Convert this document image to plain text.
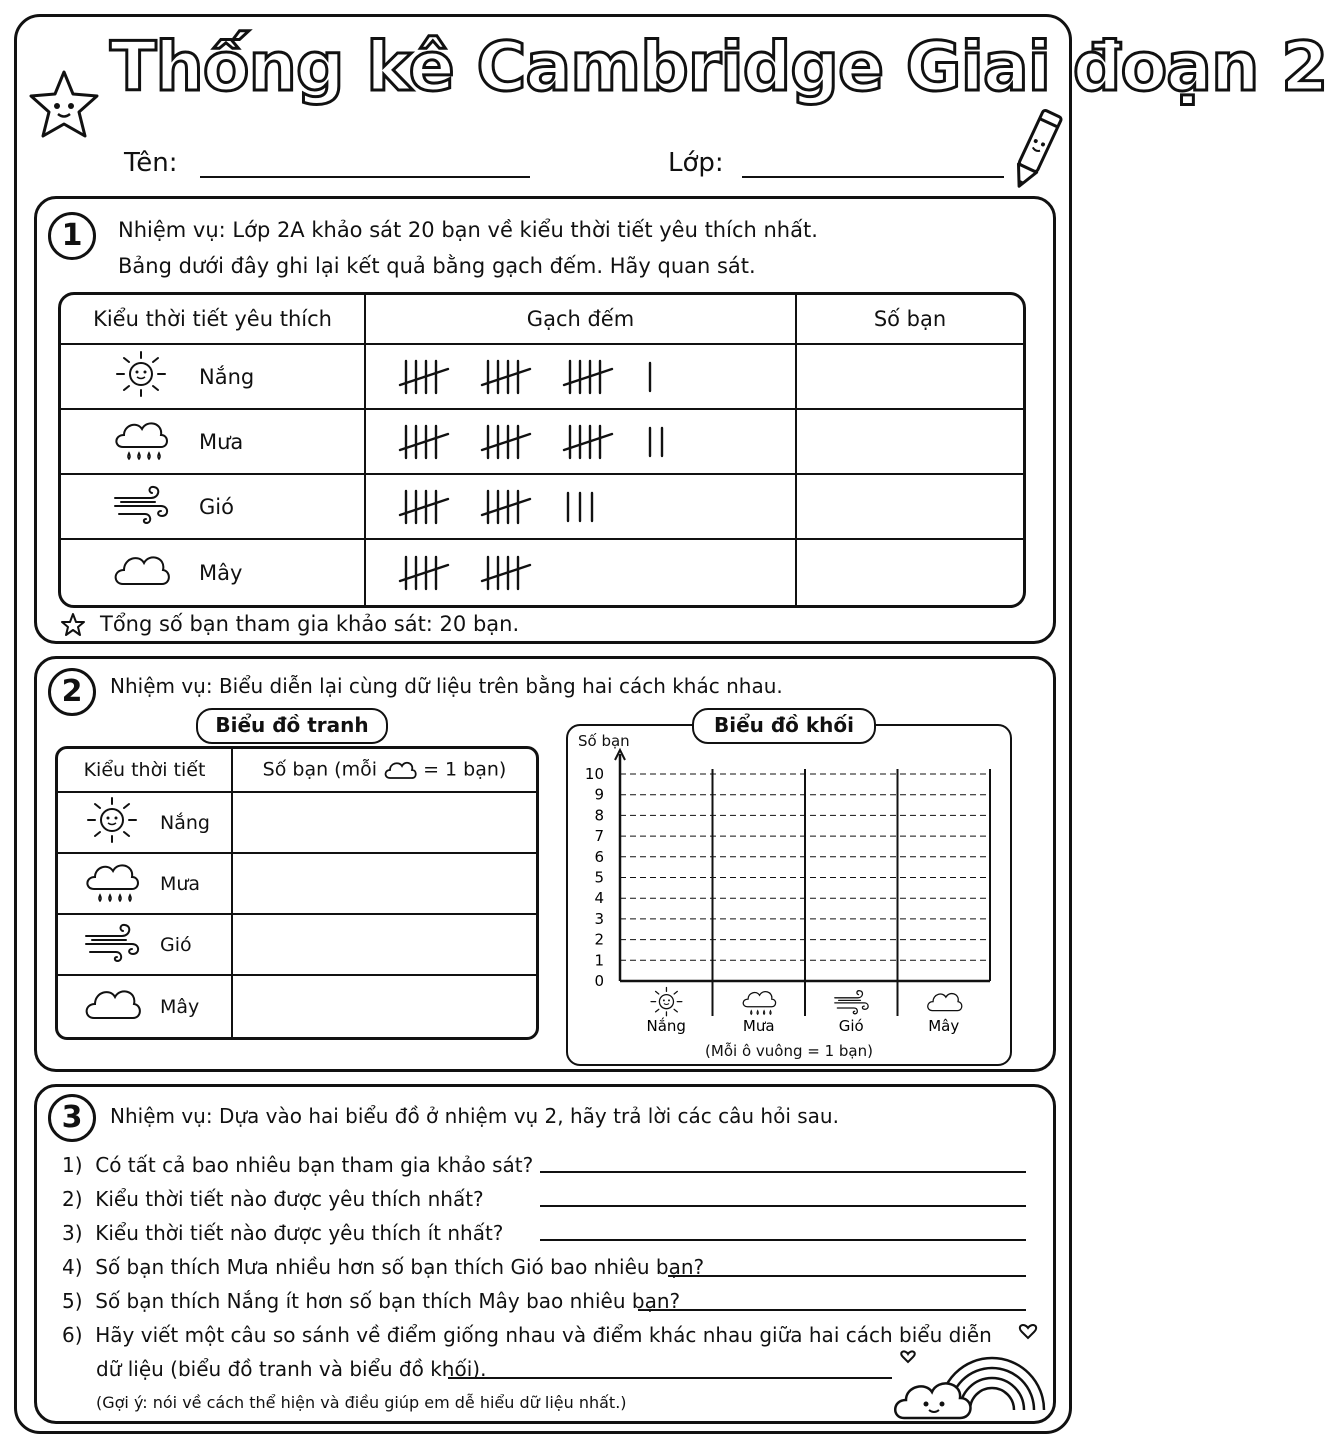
Thống kê Cambridge Giai đoạn 2
Tên:	Lớp:
1	Nhiệm vụ: Lớp 2A khảo sát 20 bạn về kiểu thời tiết yêu thích nhất.
Bảng dưới đây ghi lại kết quả bằng gạch đếm. Hãy quan sát.
Kiểu thời tiết yêu thích	Gạch đếm	Số bạn

Nắng

Mưa

Gió

Mây

Tổng số bạn tham gia khảo sát: 20 bạn.
2	Nhiệm vụ: Biểu diễn lại cùng dữ liệu trên bằng hai cách khác nhau.
Biểu đồ tranh
Kiểu thời tiết	Số bạn (mỗi = 1 bạn)

Nắng	

Mưa	

Gió	

Mây	

Biểu đồ khối
Số bạn
10
9
8
7
6
5
4
3
2
1
0
Nắng	Mưa	Gió	Mây
(Mỗi ô vuông = 1 bạn)
3	Nhiệm vụ: Dựa vào hai biểu đồ ở nhiệm vụ 2, hãy trả lời các câu hỏi sau.
1) Có tất cả bao nhiêu bạn tham gia khảo sát?
2) Kiểu thời tiết nào được yêu thích nhất?
3) Kiểu thời tiết nào được yêu thích ít nhất?
4) Số bạn thích Mưa nhiều hơn số bạn thích Gió bao nhiêu bạn?
5) Số bạn thích Nắng ít hơn số bạn thích Mây bao nhiêu bạn?
6) Hãy viết một câu so sánh về điểm giống nhau và điểm khác nhau giữa hai cách biểu diễn
dữ liệu (biểu đồ tranh và biểu đồ khối).
(Gợi ý: nói về cách thể hiện và điều giúp em dễ hiểu dữ liệu nhất.)
